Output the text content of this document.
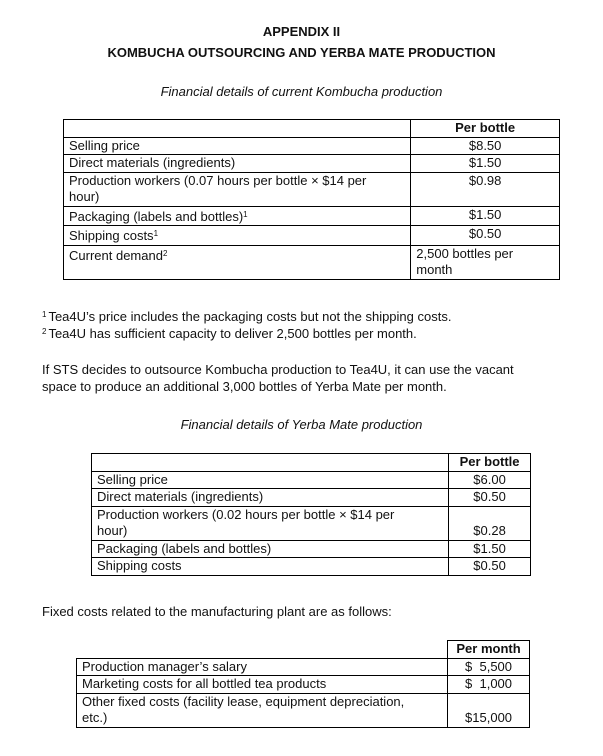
APPENDIX II
KOMBUCHA OUTSOURCING AND YERBA MATE PRODUCTION
Financial details of current Kombucha production
	Per bottle
Selling price	$8.50
Direct materials (ingredients)	$1.50
Production workers (0.07 hours per bottle × $14 per
hour)	$0.98
Packaging (labels and bottles)$^1$	$1.50
Shipping costs$^1$	$0.50
Current demand$^2$	2,500 bottles per
month
$^1$ Tea4U’s price includes the packaging costs but not the shipping costs.
$^2$ Tea4U has sufficient capacity to deliver 2,500 bottles per month.
If STS decides to outsource Kombucha production to Tea4U, it can use the vacant
space to produce an additional 3,000 bottles of Yerba Mate per month.
Financial details of Yerba Mate production
	Per bottle
Selling price	$6.00
Direct materials (ingredients)	$0.50
Production workers (0.02 hours per bottle × $14 per
hour)	$0.28
Packaging (labels and bottles)	$1.50
Shipping costs	$0.50
Fixed costs related to the manufacturing plant are as follows:
	Per month
Production manager’s salary	$  5,500
Marketing costs for all bottled tea products	$  1,000
Other fixed costs (facility lease, equipment depreciation,
etc.)	$15,000
